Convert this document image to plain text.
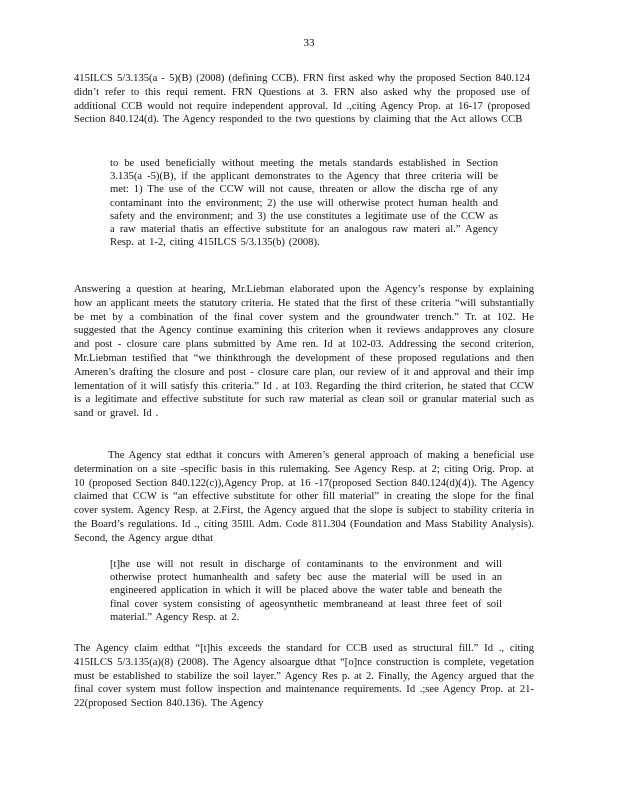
33

415ILCS 5/3.135(a - 5)(B) (2008) (defining CCB). FRN first asked why the proposed Section 840.124 didn’t refer to this requi rement. FRN Questions at 3. FRN also asked why the proposed use of additional CCB would not require independent approval. Id .,citing Agency Prop. at 16-17 (proposed Section 840.124(d). The Agency responded to the two questions by claiming that the Act allows CCB

to be used beneficially without meeting the metals standards established in Section 3.135(a -5)(B), if the applicant demonstrates to the Agency that three criteria will be met: 1) The use of the CCW will not cause, threaten or allow the discha rge of any contaminant into the environment; 2) the use will otherwise protect human health and safety and the environment; and 3) the use constitutes a legitimate use of the CCW as a raw material thatis an effective substitute for an analogous raw materi al.” Agency Resp. at 1-2, citing 415ILCS 5/3.135(b) (2008).

Answering a question at hearing, Mr.Liebman elaborated upon the Agency’s response by explaining how an applicant meets the statutory criteria. He stated that the first of these criteria “will substantially be met by a combination of the final cover system and the groundwater trench.” Tr. at 102. He suggested that the Agency continue examining this criterion when it reviews andapproves any closure and post - closure care plans submitted by Ame ren. Id at 102-03. Addressing the second criterion, Mr.Liebman testified that “we thinkthrough the development of these proposed regulations and then Ameren’s drafting the closure and post - closure care plan, our review of it and approval and their imp lementation of it will satisfy this criteria.” Id . at 103. Regarding the third criterion, he stated that CCW is a legitimate and effective substitute for such raw material as clean soil or granular material such as sand or gravel. Id .

The Agency stat edthat it concurs with Ameren’s general approach of making a beneficial use determination on a site -specific basis in this rulemaking. See Agency Resp. at 2; citing Orig. Prop. at 10 (proposed Section 840.122(c)),Agency Prop. at 16 -17(proposed Section 840.124(d)(4)). The Agency claimed that CCW is “an effective substitute for other fill material” in creating the slope for the final cover system. Agency Resp. at 2.First, the Agency argued that the slope is subject to stability criteria in the Board’s regulations. Id ., citing 35Ill. Adm. Code 811.304 (Foundation and Mass Stability Analysis). Second, the Agency argue dthat

[t]he use will not result in discharge of contaminants to the environment and will otherwise protect humanhealth and safety bec ause the material will be used in an engineered application in which it will be placed above the water table and beneath the final cover system consisting of ageosynthetic membraneand at least three feet of soil material.” Agency Resp. at 2.

The Agency claim edthat “[t]his exceeds the standard for CCB used as structural fill.” Id ., citing 415ILCS 5/3.135(a)(8) (2008). The Agency alsoargue dthat “[o]nce construction is complete, vegetation must be established to stabilize the soil layer.” Agency Res p. at 2. Finally, the Agency argued that the final cover system must follow inspection and maintenance requirements. Id .;see Agency Prop. at 21-22(proposed Section 840.136). The Agency
